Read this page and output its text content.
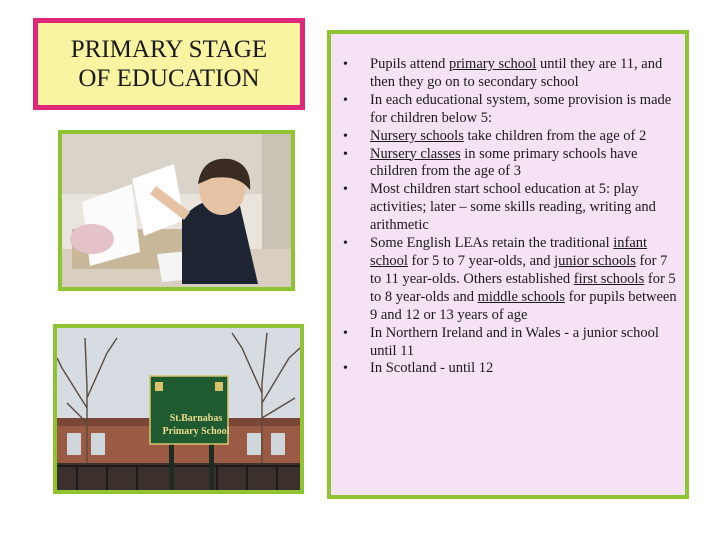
PRIMARY STAGE
OF EDUCATION
St.Barnabas
Primary School
• Pupils attend primary school until they are 11, and then they go on to secondary school
• In each educational system, some provision is made for children below 5:
• Nursery schools take children from the age of 2
• Nursery classes in some primary schools have children from the age of 3
• Most children start school education at 5: play activities; later – some skills reading, writing and arithmetic
• Some English LEAs retain the traditional infant school for 5 to 7 year-olds, and junior schools for 7 to 11 year-olds. Others established first schools for 5 to 8 year-olds and middle schools for pupils between 9 and 12 or 13 years of age
• In Northern Ireland and in Wales - a junior school until 11
• In Scotland - until 12
